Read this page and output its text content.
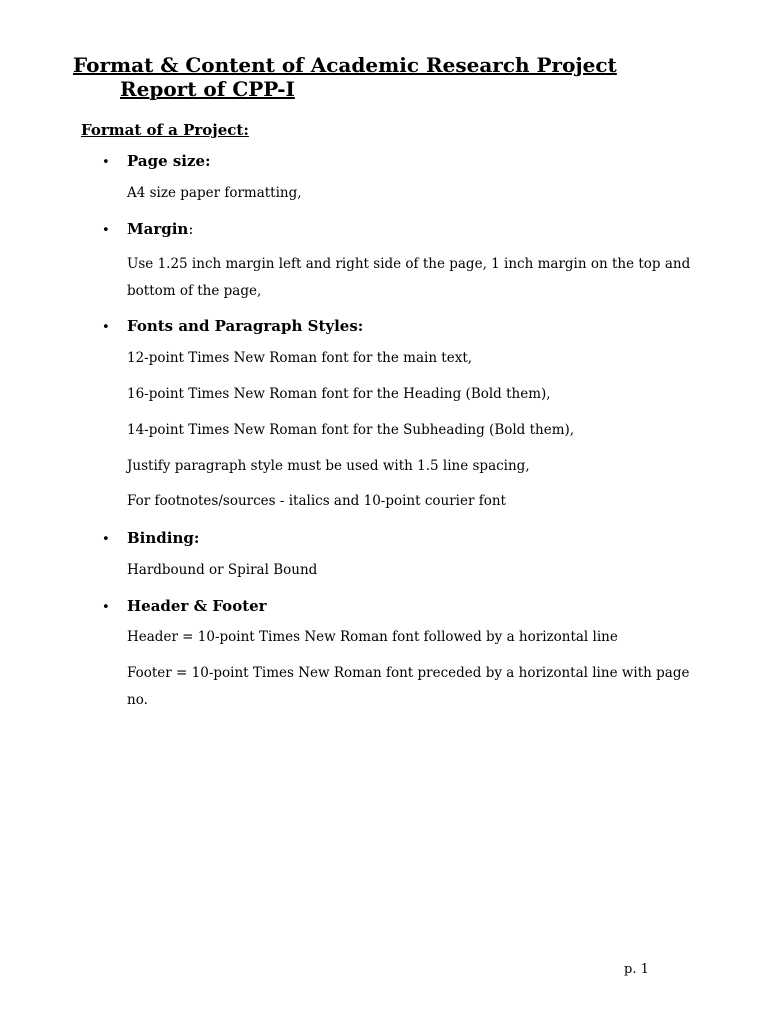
Format & Content of Academic Research Project
Report of CPP-I
Format of a Project:
• Page size:
A4 size paper formatting,
• Margin:
Use 1.25 inch margin left and right side of the page, 1 inch margin on the top and bottom of the page,
• Fonts and Paragraph Styles:
12-point Times New Roman font for the main text,
16-point Times New Roman font for the Heading (Bold them),
14-point Times New Roman font for the Subheading (Bold them),
Justify paragraph style must be used with 1.5 line spacing,
For footnotes/sources - italics and 10-point courier font
• Binding:
Hardbound or Spiral Bound
• Header & Footer
Header = 10-point Times New Roman font followed by a horizontal line
Footer = 10-point Times New Roman font preceded by a horizontal line with page no.
p. 1
